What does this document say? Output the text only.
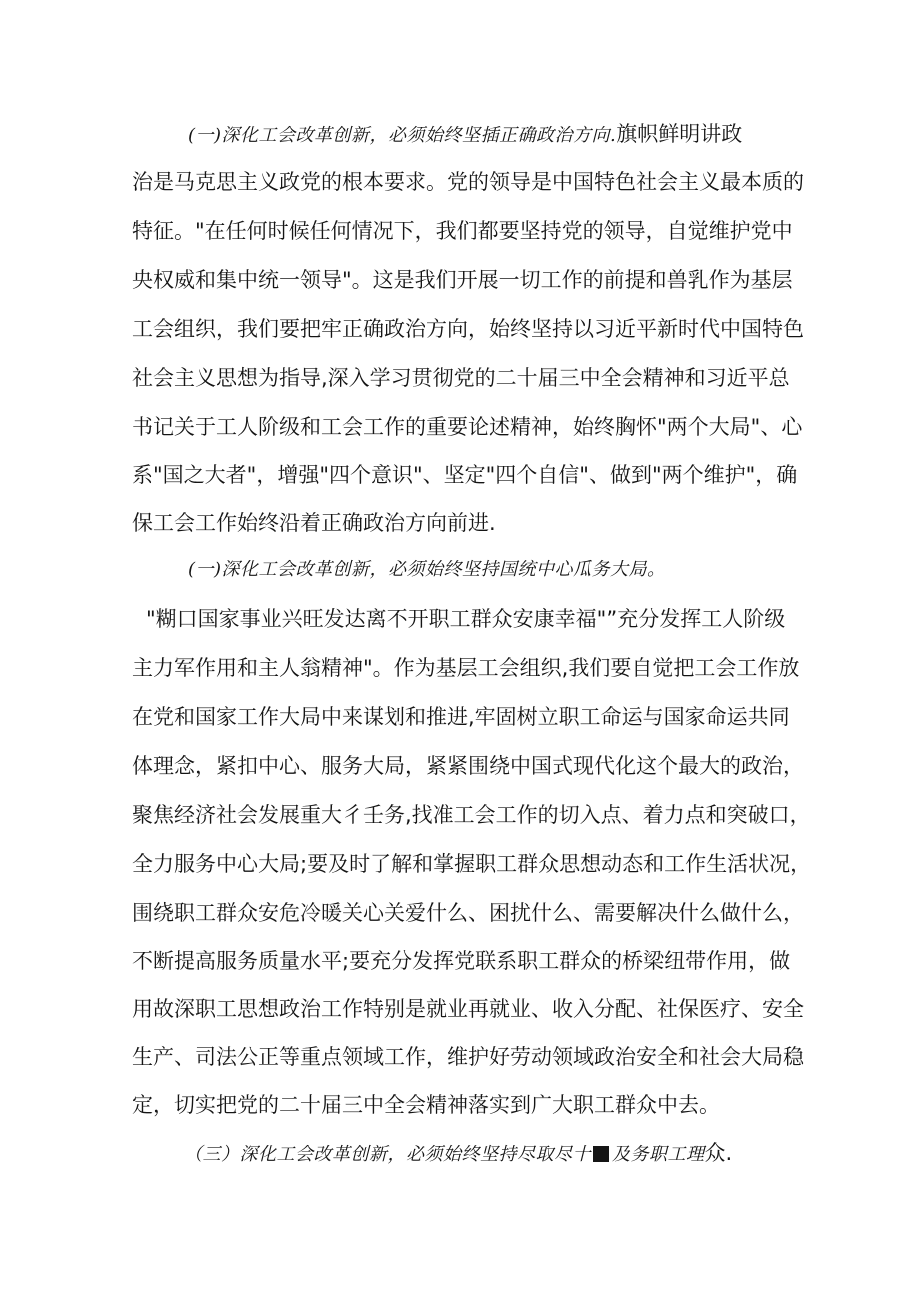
(一)深化工会改革创新，必须始终坚插正确政治方向.旗帜鲜明讲政
治是马克思主义政党的根本要求。党的领导是中国特色社会主义最本质的
特征。"在任何时候任何情况下，我们都要坚持党的领导，自觉维护党中
央权威和集中统一领导"。这是我们开展一切工作的前提和兽乳作为基层
工会组织，我们要把牢正确政治方向，始终坚持以习近平新时代中国特色
社会主义思想为指导,深入学习贯彻党的二十届三中全会精神和习近平总
书记关于工人阶级和工会工作的重要论述精神，始终胸怀"两个大局"、心
系"国之大者"，增强"四个意识"、坚定"四个自信"、做到"两个维护"，确
保工会工作始终沿着正确政治方向前进.
(一)深化工会改革创新，必须始终坚持国统中心瓜务大局。
"糊口国家事业兴旺发达离不开职工群众安康幸福"”充分发挥工人阶级
主力军作用和主人翁精神"。作为基层工会组织,我们要自觉把工会工作放
在党和国家工作大局中来谋划和推进,牢固树立职工命运与国家命运共同
体理念，紧扣中心、服务大局，紧紧围绕中国式现代化这个最大的政治，
聚焦经济社会发展重大彳壬务,找准工会工作的切入点、着力点和突破口，
全力服务中心大局;要及时了解和掌握职工群众思想动态和工作生活状况，
围绕职工群众安危冷暖关心关爱什么、困扰什么、需要解决什么做什么，
不断提高服务质量水平;要充分发挥党联系职工群众的桥梁纽带作用，做
用故深职工思想政治工作特别是就业再就业、收入分配、社保医疗、安全
生产、司法公正等重点领域工作，维护好劳动领域政治安全和社会大局稳
定，切实把党的二十届三中全会精神落实到广大职工群众中去。
（三）深化工会改革创新，必须始终坚持尽取尽十 及务职工理众.
